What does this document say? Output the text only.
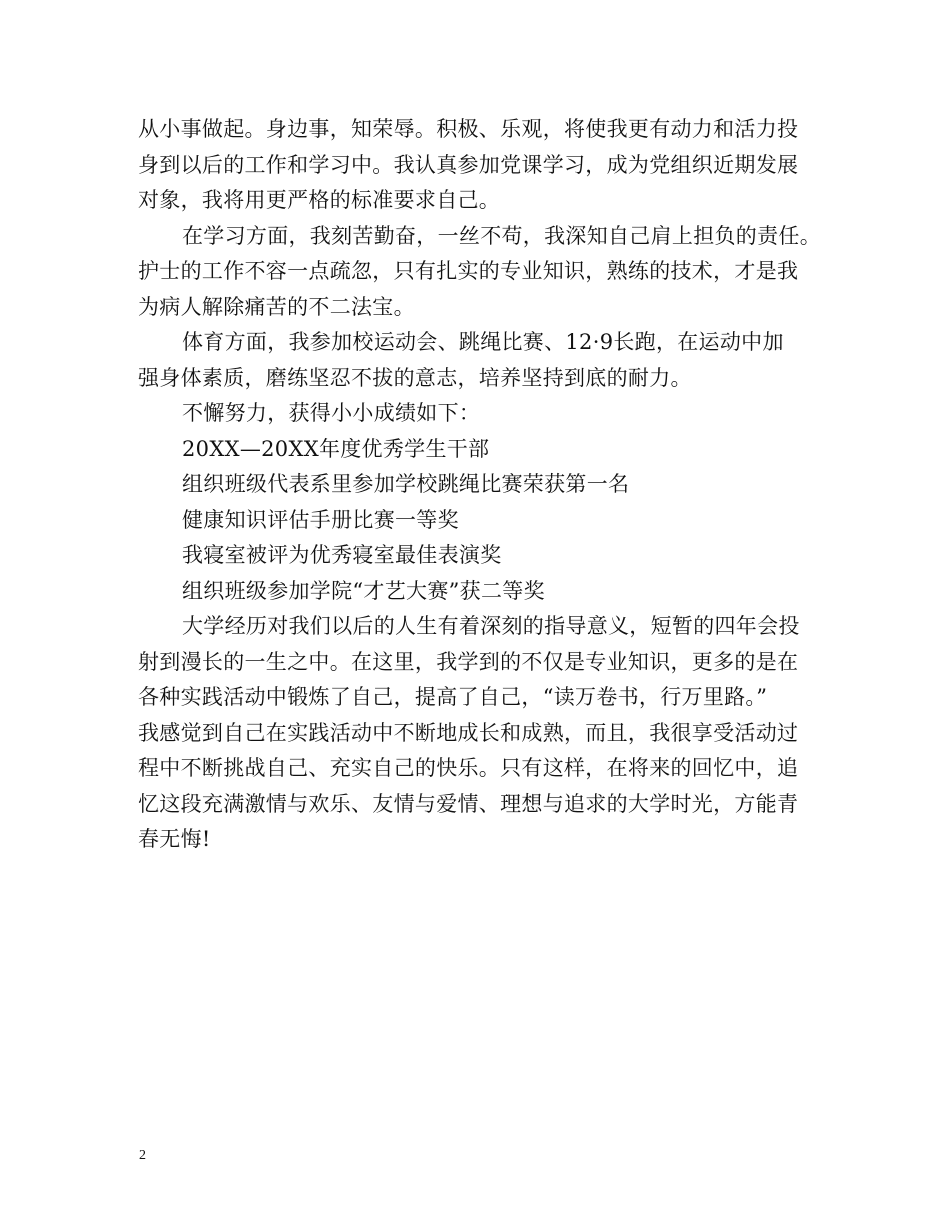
从小事做起。身边事，知荣辱。积极、乐观，将使我更有动力和活力投
身到以后的工作和学习中。我认真参加党课学习，成为党组织近期发展
对象，我将用更严格的标准要求自己。
在学习方面，我刻苦勤奋，一丝不苟，我深知自己肩上担负的责任。
护士的工作不容一点疏忽，只有扎实的专业知识，熟练的技术，才是我
为病人解除痛苦的不二法宝。
体育方面，我参加校运动会、跳绳比赛、12·9长跑，在运动中加
强身体素质，磨练坚忍不拔的意志，培养坚持到底的耐力。
不懈努力，获得小小成绩如下：
20XX—20XX年度优秀学生干部
组织班级代表系里参加学校跳绳比赛荣获第一名
健康知识评估手册比赛一等奖
我寝室被评为优秀寝室最佳表演奖
组织班级参加学院“才艺大赛”获二等奖
大学经历对我们以后的人生有着深刻的指导意义，短暂的四年会投
射到漫长的一生之中。在这里，我学到的不仅是专业知识，更多的是在
各种实践活动中锻炼了自己，提高了自己，“读万卷书，行万里路。”
我感觉到自己在实践活动中不断地成长和成熟，而且，我很享受活动过
程中不断挑战自己、充实自己的快乐。只有这样，在将来的回忆中，追
忆这段充满激情与欢乐、友情与爱情、理想与追求的大学时光，方能青
春无悔!
2
